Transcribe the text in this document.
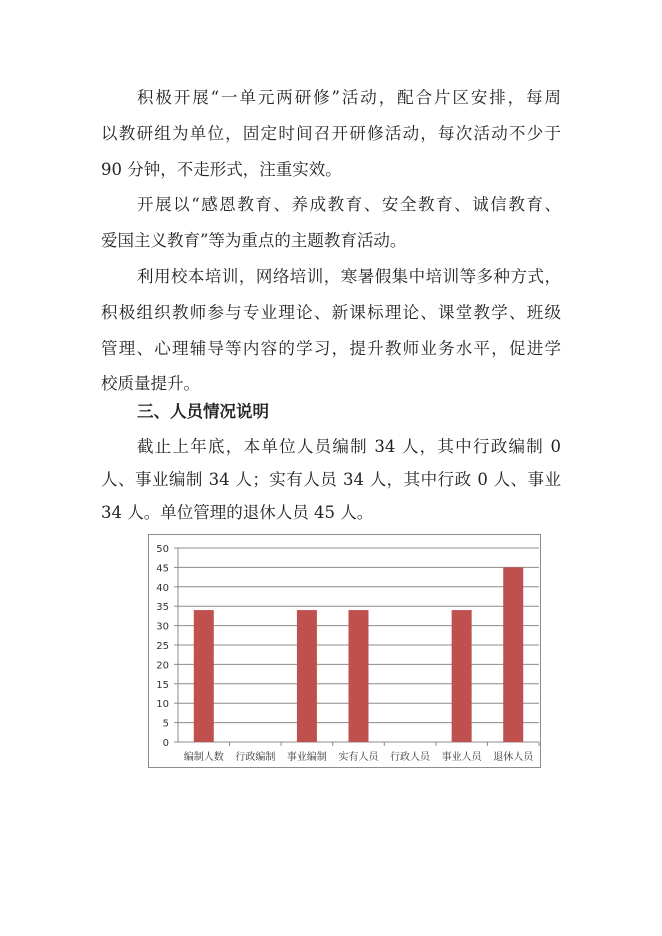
积极开展“一单元两研修”活动，配合片区安排，每周
以教研组为单位，固定时间召开研修活动，每次活动不少于
90 分钟，不走形式，注重实效。
开展以“感恩教育、养成教育、安全教育、诚信教育、
爱国主义教育”等为重点的主题教育活动。
利用校本培训，网络培训，寒暑假集中培训等多种方式，
积极组织教师参与专业理论、新课标理论、课堂教学、班级
管理、心理辅导等内容的学习，提升教师业务水平，促进学
校质量提升。
三、人员情况说明
截止上年底，本单位人员编制 34 人，其中行政编制 0
人、事业编制 34 人；实有人员 34 人，其中行政 0 人、事业
34 人。单位管理的退休人员 45 人。
0
5
10
15
20
25
30
35
40
45
50
编制人数 行政编制 事业编制 实有人员 行政人员 事业人员 退休人员
